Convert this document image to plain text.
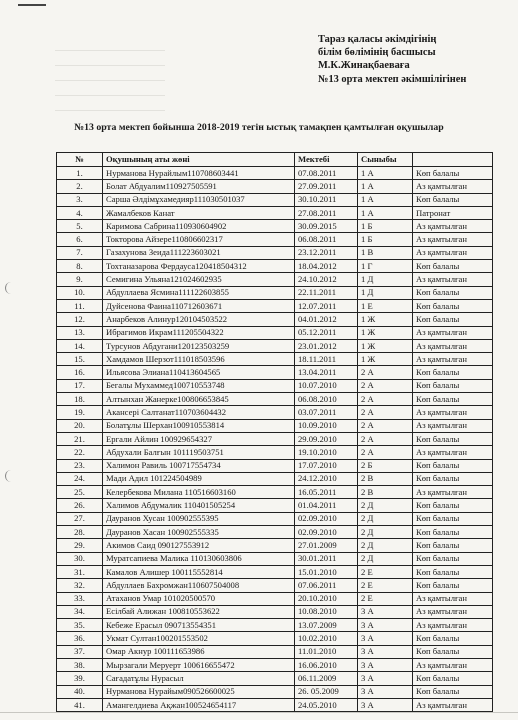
Тараз қаласы әкімдігінің
білім бөлімінің басшысы
М.К.Жинақбаеваға
№13 орта мектеп әкімшілігінен
№13 орта мектеп бойынша 2018-2019 тегін ыстық тамақпен қамтылған оқушылар
№	Оқушының аты жөні	Мектебі	Сыныбы	
1.	Нурманова Нурайлым110708603441	07.08.2011	1 А	Көп балалы
2.	Болат Абдуалим110927505591	27.09.2011	1 А	Аз қамтылған
3.	Сарша Әлдімұхамедияр111030501037	30.10.2011	1 А	Көп балалы
4.	Жамалбеков Канат	27.08.2011	1 А	Патронат
5.	Каримова Сабрина110930604902	30.09.2015	1 Б	Аз қамтылған
6.	Токторова Айзере110806602317	06.08.2011	1 Б	Аз қамтылған
7.	Газахунова Зеида111223603021	23.12.2011	1 В	Аз қамтылған
8.	Тохтаназарова Фердауса120418504312	18.04.2012	1 Г	Көп балалы
9.	Семигина Ульяна121024602935	24.10.2012	1 Д	Аз қамтылған
10.	Абдуллаева Ясмина111122603855	22.11.2011	1 Д	Көп балалы
11.	Дуйсенова Фаина110712603671	12.07.2011	1 Е	Көп балалы
12.	Анарбеков Алинур120104503522	04.01.2012	1 Ж	Көп балалы
13.	Ибрагимов Икрам111205504322	05.12.2011	1 Ж	Аз қамтылған
14.	Турсунов Абдугани120123503259	23.01.2012	1 Ж	Аз қамтылған
15.	Хамдамов Шерзот111018503596	18.11.2011	1 Ж	Аз қамтылған
16.	Ильясова Элиана110413604565	13.04.2011	2 А	Көп балалы
17.	Бегалы Мухаммед100710553748	10.07.2010	2 А	Көп балалы
18.	Алтынхан Жанерке100806653845	06.08.2010	2 А	Көп балалы
19.	Акансері Салтанат110703604432	03.07.2011	2 А	Аз қамтылған
20.	Болатұлы Шерхан100910553814	10.09.2010	2 А	Аз қамтылған
21.	Ергали Айлин 100929654327	29.09.2010	2 А	Көп балалы
22.	Абдухали Балғын 101119503751	19.10.2010	2 А	Аз қамтылған
23.	Халимон Равиль 100717554734	17.07.2010	2 Б	Көп балалы
24.	Мади Адил 101224504989	24.12.2010	2 В	Көп балалы
25.	Келербекова Милана 110516603160	16.05.2011	2 В	Аз қамтылған
26.	Халимов Абдумалик 110401505254	01.04.2011	2 Д	Көп балалы
27.	Дауранов Хусан 100902555395	02.09.2010	2 Д	Көп балалы
28.	Дауранов Хасан 100902555335	02.09.2010	2 Д	Көп балалы
29.	Акимов Саид 090127553912	27.01.2009	2 Д	Көп балалы
30.	Муратсапиева Малика 110130603806	30.01.2011	2 Д	Көп балалы
31.	Камалов Алишер 100115552814	15.01.2010	2 Е	Көп балалы
32.	Абдуллаев Бахромжан110607504008	07.06.2011	2 Е	Көп балалы
33.	Атаханов Умар 101020500570	20.10.2010	2 Е	Аз қамтылған
34.	Есілбай Алижан 100810553622	10.08.2010	3 А	Аз қамтылған
35.	Кебеже Ерасыл 090713554351	13.07.2009	3 А	Аз қамтылған
36.	Укмат Султан100201553502	10.02.2010	3 А	Көп балалы
37.	Омар Акнур 100111653986	11.01.2010	3 А	Көп балалы
38.	Мырзагали Меруерт 100616655472	16.06.2010	3 А	Аз қамтылған
39.	Сағадатұлы Нурасыл	06.11.2009	3 А	Көп балалы
40.	Нурманова Нурайым090526600025	26. 05.2009	3 А	Көп балалы
41.	Амангелдиева Ақжан100524654117	24.05.2010	3 А	Аз қамтылған
